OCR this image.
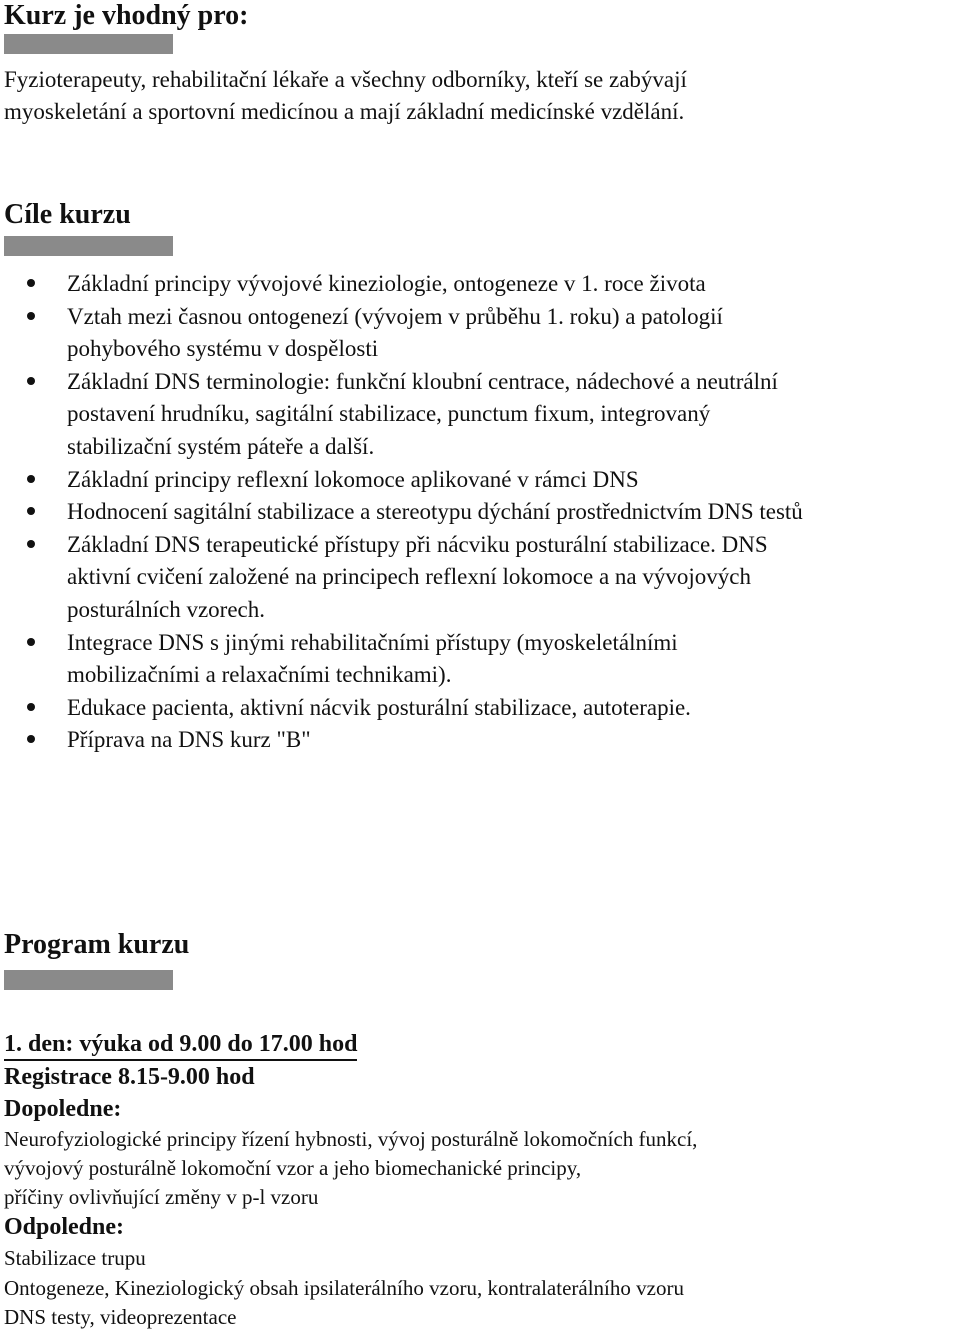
Kurz je vhodný pro:

Fyzioterapeuty, rehabilitační lékaře a všechny odborníky, kteří se zabývají

myoskeletání a sportovní medicínou a mají základní medicínské vzdělání.

Cíle kurzu
Základní principy vývojové kineziologie, ontogeneze v 1. roce života
Vztah mezi časnou ontogenezí (vývojem v průběhu 1. roku) a patologií
pohybového systému v dospělosti
Základní DNS terminologie: funkční kloubní centrace, nádechové a neutrální
postavení hrudníku, sagitální stabilizace, punctum fixum, integrovaný
stabilizační systém páteře a další.
Základní principy reflexní lokomoce aplikované v rámci DNS
Hodnocení sagitální stabilizace a stereotypu dýchání prostřednictvím DNS testů
Základní DNS terapeutické přístupy při nácviku posturální stabilizace. DNS
aktivní cvičení založené na principech reflexní lokomoce a na vývojových
posturálních vzorech.
Integrace DNS s jinými rehabilitačními přístupy (myoskeletálními
mobilizačními a relaxačními technikami).
Edukace pacienta, aktivní nácvik posturální stabilizace, autoterapie.
Příprava na DNS kurz "B"
Program kurzu
1. den: výuka od 9.00 do 17.00 hod

Registrace 8.15-9.00 hod

Dopoledne:

Neurofyziologické principy řízení hybnosti, vývoj posturálně lokomočních funkcí,

vývojový posturálně lokomoční vzor a jeho biomechanické principy,

příčiny ovlivňující změny v p-l vzoru

Odpoledne:

Stabilizace trupu

Ontogeneze, Kineziologický obsah ipsilaterálního vzoru, kontralaterálního vzoru

DNS testy, videoprezentace
